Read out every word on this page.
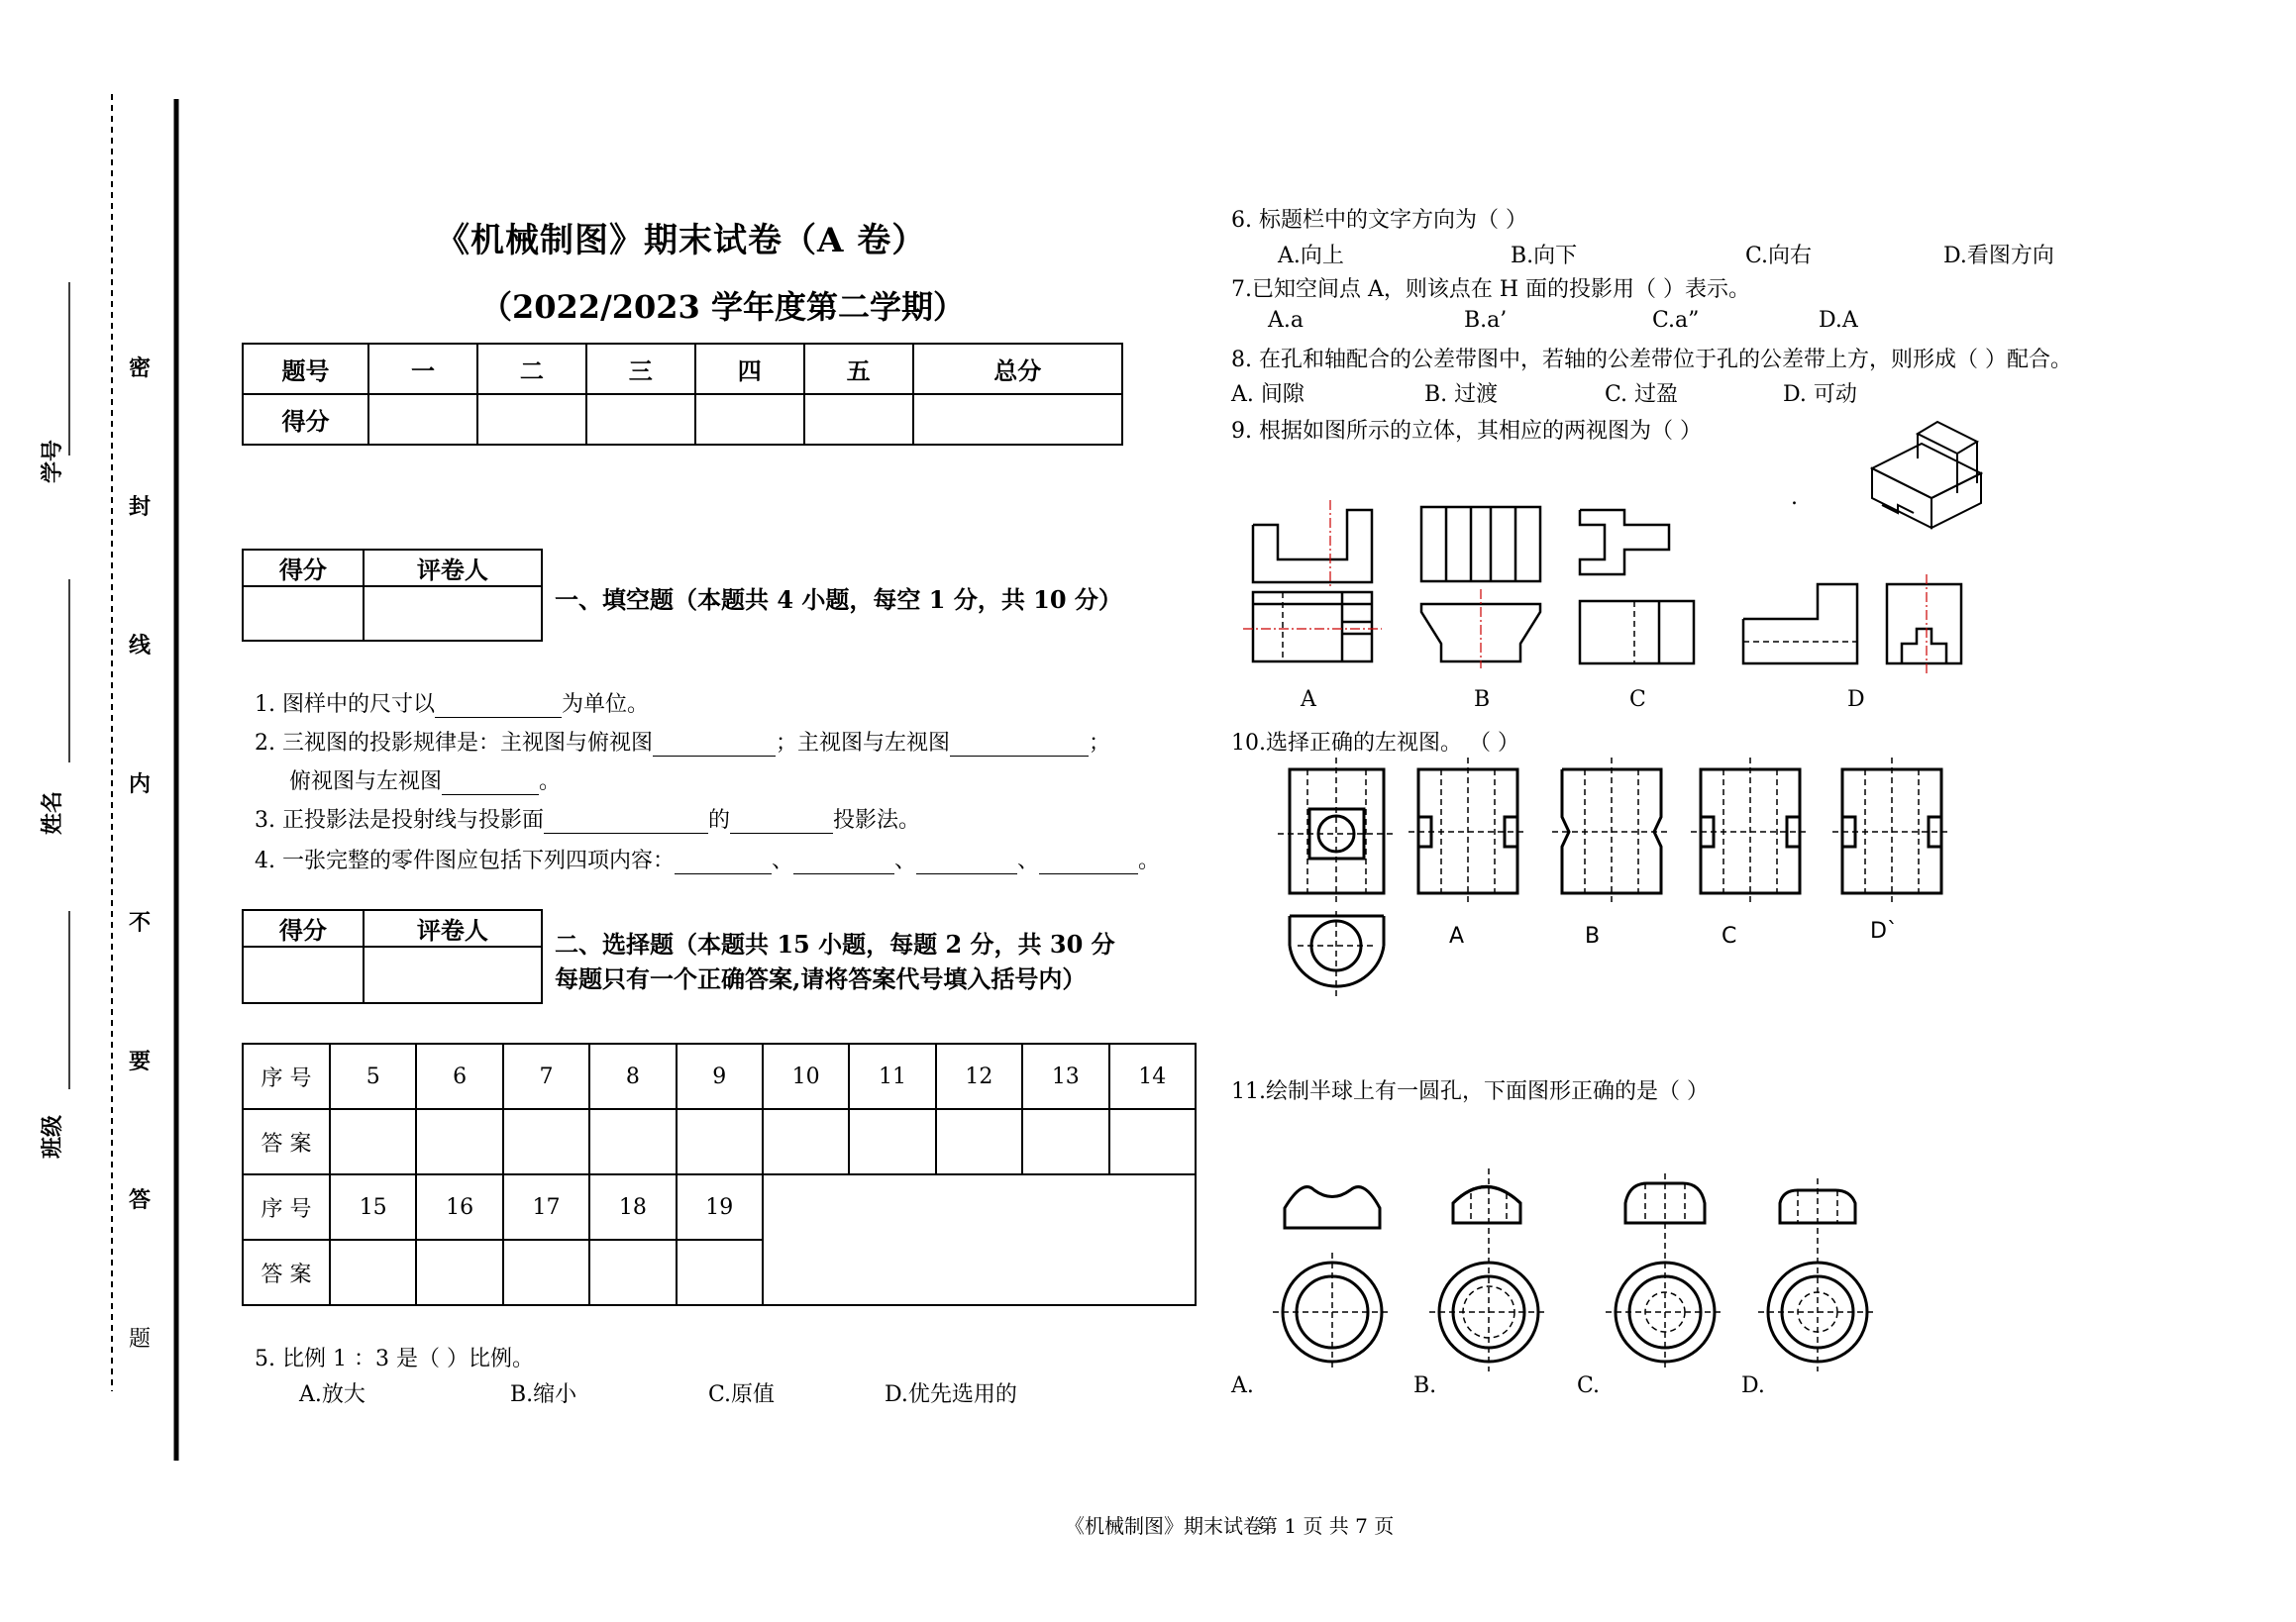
密
封
线
内
不
要
答
题
学号
姓名
班级
《机械制图》期末试卷（A 卷）
（2022/2023 学年度第二学期）
题号	一	二	三	四	五	总分
得分						
得分	评卷人

一、填空题（本题共 4 小题，每空 1 分，共 10 分）
1. 图样中的尺寸以	为单位。
2. 三视图的投影规律是：主视图与俯视图	；主视图与左视图	；
俯视图与左视图	。
3. 正投影法是投射线与投影面	的	投影法。
4. 一张完整的零件图应包括下列四项内容：	、	、	、	。
得分	评卷人
		二、选择题（本题共 15 小题，每题 2 分，共 30 分
每题只有一个正确答案,请将答案代号填入括号内）
序 号	5	6	7	8	9	10	11	12	13	14
答 案										
序 号	15	16	17	18	19					
答 案										
5. 比例 1 ：3 是（ ）比例。
A.放大	B.缩小	C.原值	D.优先选用的
6. 标题栏中的文字方向为（ ）
A.向上	B.向下	C.向右	D.看图方向
7.已知空间点 A，则该点在 H 面的投影用（ ）表示。
A.a	B.a’	C.a”	D.A
8. 在孔和轴配合的公差带图中，若轴的公差带位于孔的公差带上方，则形成（ ）配合。
A. 间隙	B. 过渡	C. 过盈	D. 可动
9. 根据如图所示的立体，其相应的两视图为（ ）
.
A	B	C	D
10.选择正确的左视图。 （ ）
A	B	C	D`
11.绘制半球上有一圆孔，下面图形正确的是（ ）
A.	B.	C.	D.
《机械制图》期末试卷
第 1 页 共 7 页
